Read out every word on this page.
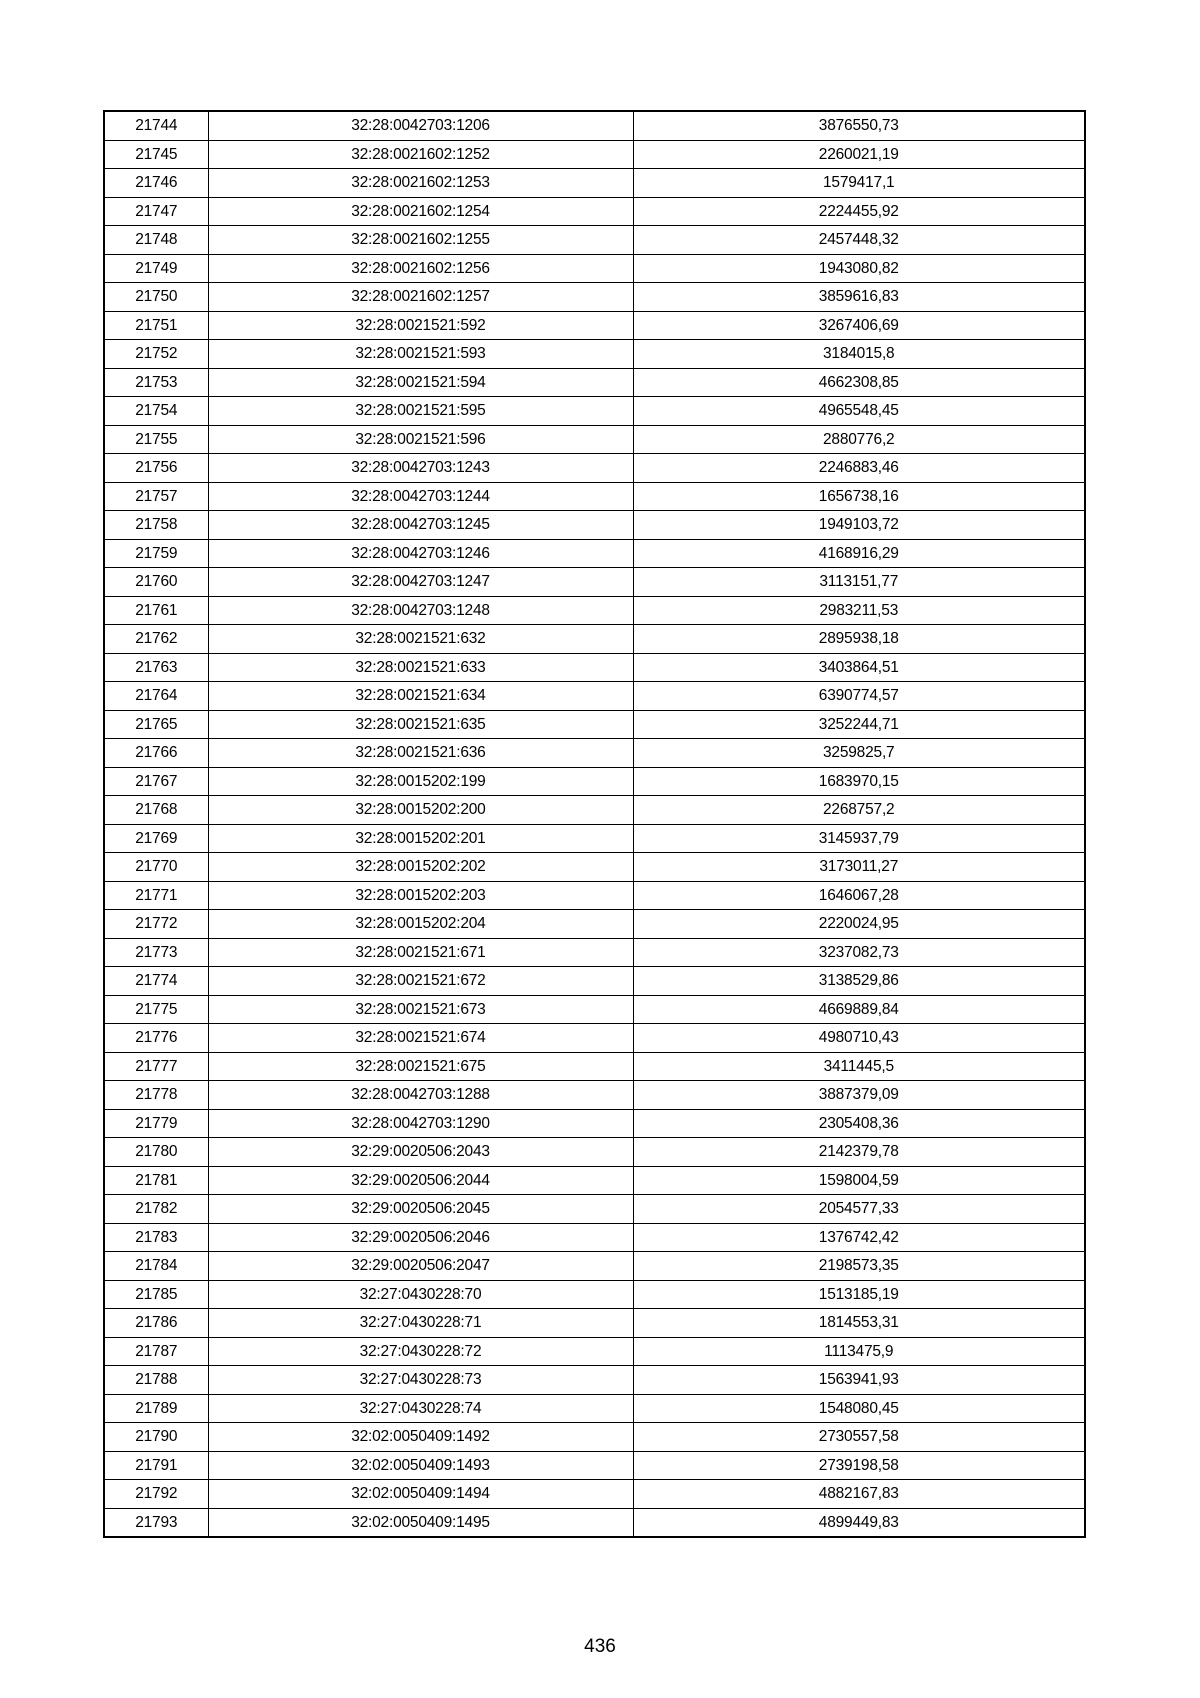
21744	32:28:0042703:1206	3876550,73
21745	32:28:0021602:1252	2260021,19
21746	32:28:0021602:1253	1579417,1
21747	32:28:0021602:1254	2224455,92
21748	32:28:0021602:1255	2457448,32
21749	32:28:0021602:1256	1943080,82
21750	32:28:0021602:1257	3859616,83
21751	32:28:0021521:592	3267406,69
21752	32:28:0021521:593	3184015,8
21753	32:28:0021521:594	4662308,85
21754	32:28:0021521:595	4965548,45
21755	32:28:0021521:596	2880776,2
21756	32:28:0042703:1243	2246883,46
21757	32:28:0042703:1244	1656738,16
21758	32:28:0042703:1245	1949103,72
21759	32:28:0042703:1246	4168916,29
21760	32:28:0042703:1247	3113151,77
21761	32:28:0042703:1248	2983211,53
21762	32:28:0021521:632	2895938,18
21763	32:28:0021521:633	3403864,51
21764	32:28:0021521:634	6390774,57
21765	32:28:0021521:635	3252244,71
21766	32:28:0021521:636	3259825,7
21767	32:28:0015202:199	1683970,15
21768	32:28:0015202:200	2268757,2
21769	32:28:0015202:201	3145937,79
21770	32:28:0015202:202	3173011,27
21771	32:28:0015202:203	1646067,28
21772	32:28:0015202:204	2220024,95
21773	32:28:0021521:671	3237082,73
21774	32:28:0021521:672	3138529,86
21775	32:28:0021521:673	4669889,84
21776	32:28:0021521:674	4980710,43
21777	32:28:0021521:675	3411445,5
21778	32:28:0042703:1288	3887379,09
21779	32:28:0042703:1290	2305408,36
21780	32:29:0020506:2043	2142379,78
21781	32:29:0020506:2044	1598004,59
21782	32:29:0020506:2045	2054577,33
21783	32:29:0020506:2046	1376742,42
21784	32:29:0020506:2047	2198573,35
21785	32:27:0430228:70	1513185,19
21786	32:27:0430228:71	1814553,31
21787	32:27:0430228:72	1113475,9
21788	32:27:0430228:73	1563941,93
21789	32:27:0430228:74	1548080,45
21790	32:02:0050409:1492	2730557,58
21791	32:02:0050409:1493	2739198,58
21792	32:02:0050409:1494	4882167,83
21793	32:02:0050409:1495	4899449,83
436
